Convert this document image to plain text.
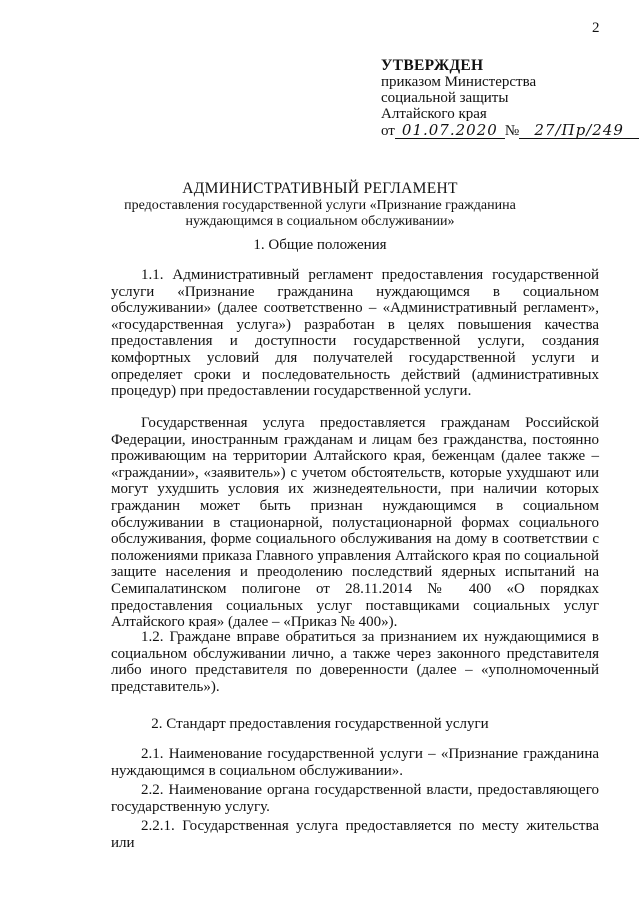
2
УТВЕРЖДЕН
приказом Министерства
социальной защиты
Алтайского края
от 01.07.2020 № 27/Пр/249
АДМИНИСТРАТИВНЫЙ РЕГЛАМЕНТ
предоставления государственной услуги «Признание гражданина
нуждающимся в социальном обслуживании»
1. Общие положения

1.1. Административный регламент предоставления государственной услуги «Признание гражданина нуждающимся в социальном обслуживании» (далее соответственно – «Административный регламент», «государственная услуга») разработан в целях повышения качества предоставления и доступности государственной услуги, создания комфортных условий для получателей государственной услуги и определяет сроки и последовательность действий (административных процедур) при предоставлении государственной услуги.

Государственная услуга предоставляется гражданам Российской Федерации, иностранным гражданам и лицам без гражданства, постоянно проживающим на территории Алтайского края, беженцам (далее также – «граждании», «заявитель») с учетом обстоятельств, которые ухудшают или могут ухудшить условия их жизнедеятельности, при наличии которых гражданин может быть признан нуждающимся в социальном обслуживании в стационарной, полустационарной формах социального обслуживания, форме социального обслуживания на дому в соответствии с положениями приказа Главного управления Алтайского края по социальной защите населения и преодолению последствий ядерных испытаний на Семипалатинском полигоне от 28.11.2014 № 400 «О порядках предоставления социальных услуг поставщиками социальных услуг Алтайского края» (далее – «Приказ № 400»).

1.2. Граждане вправе обратиться за признанием их нуждающимися в социальном обслуживании лично, а также через законного представителя либо иного представителя по доверенности (далее – «уполномоченный представитель»).

2. Стандарт предоставления государственной услуги

2.1. Наименование государственной услуги – «Признание гражданина нуждающимся в социальном обслуживании».

2.2. Наименование органа государственной власти, предоставляющего государственную услугу.

2.2.1. Государственная услуга предоставляется по месту жительства или
